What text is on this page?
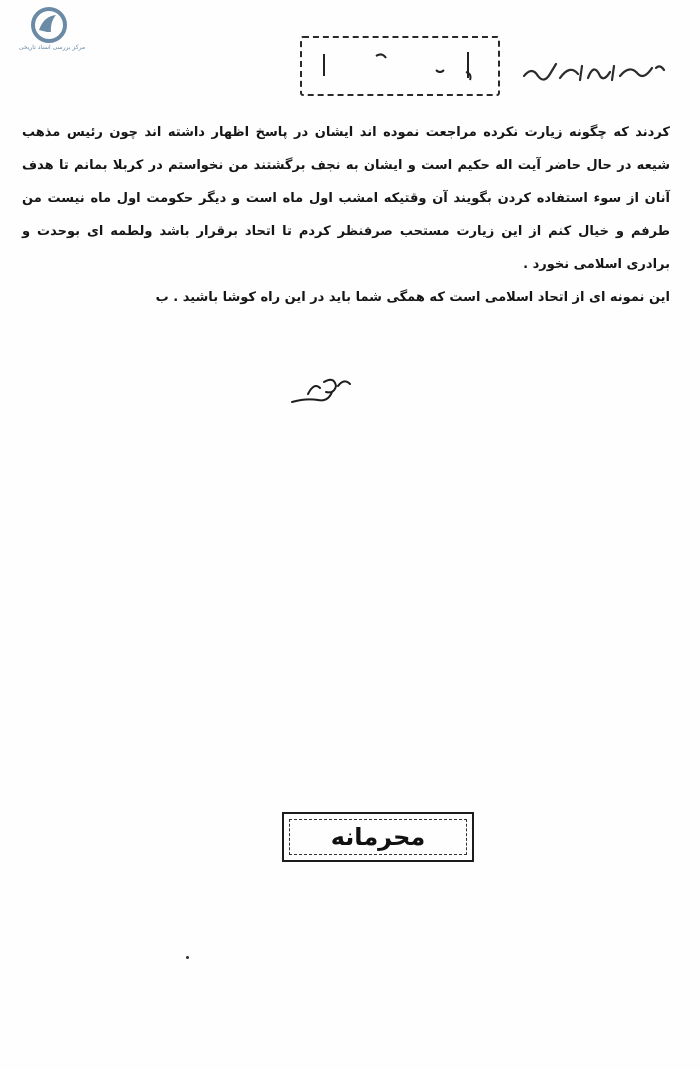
مرکز بررسی اسناد تاریخی

کردند که چگونه زیارت نکرده مراجعت نموده اند ایشان در پاسخ اظهار داشته اند چون رئیس مذهب شیعه در حال حاضر آیت اله حکیم است و ایشان به نجف برگشتند من نخواستم در کربلا بمانم تا هدف آنان از سوء استفاده کردن بگویند آن وقتیکه امشب اول ماه است و دیگر حکومت اول ماه نیست من طرفم و خیال کنم از این زیارت مستحب صرفنظر کردم تا اتحاد برقرار باشد ولطمه ای بوحدت و برادری اسلامی نخورد .

این نمونه ای از اتحاد اسلامی است که همگی شما باید در این راه کوشا باشید . ب

محرمانه
